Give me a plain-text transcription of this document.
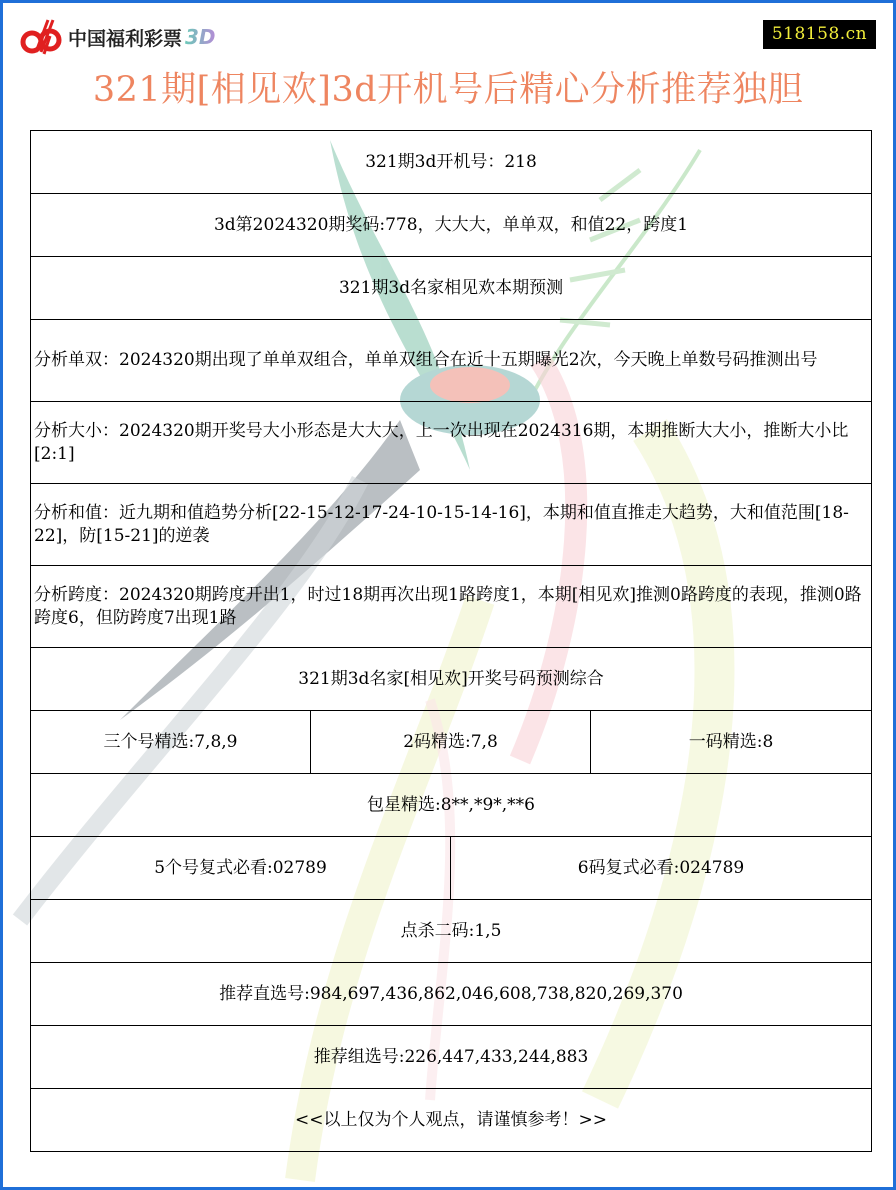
中国福利彩票 3D	518158.cn
321期[相见欢]3d开机号后精心分析推荐独胆
321期3d开机号：218			
3d第2024320期奖码:778，大大大，单单双，和值22，跨度1			
321期3d名家相见欢本期预测			
分析单双：2024320期出现了单单双组合，单单双组合在近十五期曝光2次，今天晚上单数号码推测出号			
分析大小：2024320期开奖号大小形态是大大大，上一次出现在2024316期，本期推断大大小，推断大小比[2:1]			
分析和值：近九期和值趋势分析[22-15-12-17-24-10-15-14-16]，本期和值直推走大趋势，大和值范围[18-22]，防[15-21]的逆袭			
分析跨度：2024320期跨度开出1，时过18期再次出现1路跨度1，本期[相见欢]推测0路跨度的表现，推测0路跨度6，但防跨度7出现1路			
321期3d名家[相见欢]开奖号码预测综合			
三个号精选:7,8,9	2码精选:7,8		一码精选:8
包星精选:8**,*9*,**6			
5个号复式必看:02789		6码复式必看:024789	
点杀二码:1,5			
推荐直选号:984,697,436,862,046,608,738,820,269,370			
推荐组选号:226,447,433,244,883			
<<以上仅为个人观点，请谨慎参考！>>			
